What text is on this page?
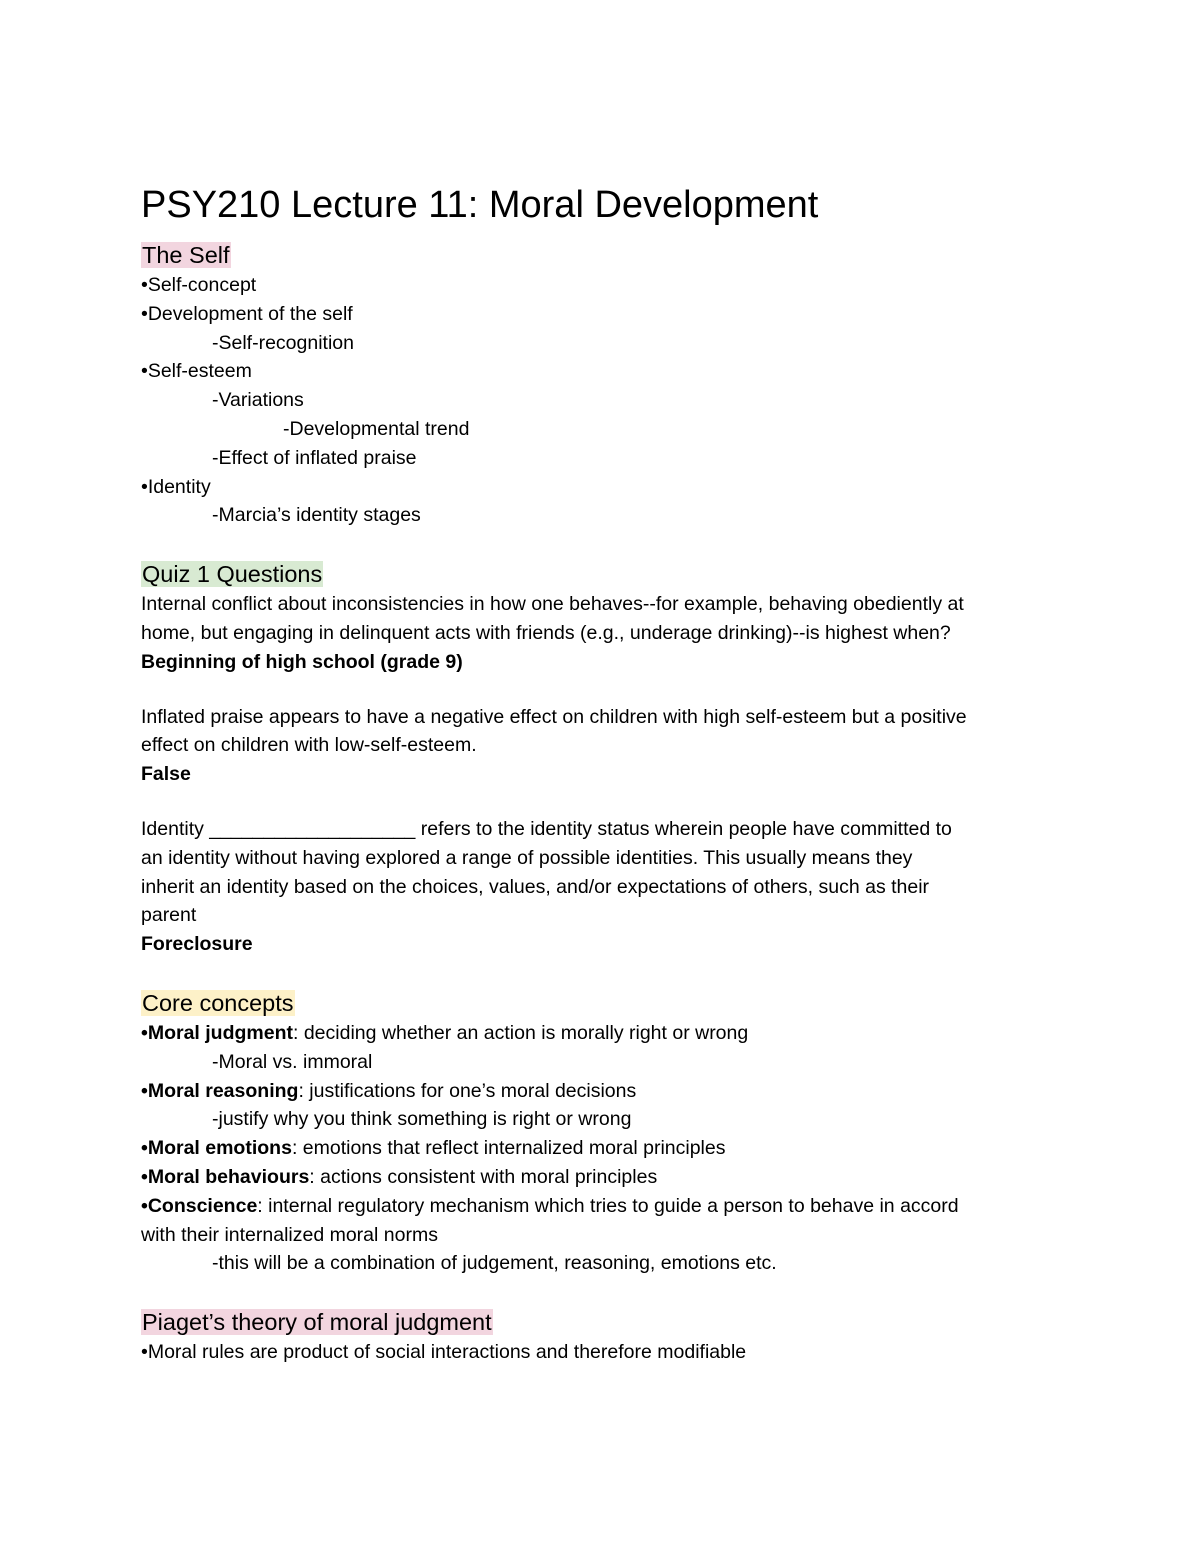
PSY210 Lecture 11: Moral Development

The Self

•Self-concept

•Development of the self

-Self-recognition

•Self-esteem

-Variations

-Developmental trend

-Effect of inflated praise

•Identity

-Marcia’s identity stages

Quiz 1 Questions

Internal conflict about inconsistencies in how one behaves--for example, behaving obediently at

home, but engaging in delinquent acts with friends (e.g., underage drinking)--is highest when?

Beginning of high school (grade 9)

Inflated praise appears to have a negative effect on children with high self-esteem but a positive

effect on children with low-self-esteem.

False

Identity ___________________ refers to the identity status wherein people have committed to

an identity without having explored a range of possible identities. This usually means they

inherit an identity based on the choices, values, and/or expectations of others, such as their

parent

Foreclosure

Core concepts

•Moral judgment: deciding whether an action is morally right or wrong

-Moral vs. immoral

•Moral reasoning: justifications for one’s moral decisions

-justify why you think something is right or wrong

•Moral emotions: emotions that reflect internalized moral principles

•Moral behaviours: actions consistent with moral principles

•Conscience: internal regulatory mechanism which tries to guide a person to behave in accord

with their internalized moral norms

-this will be a combination of judgement, reasoning, emotions etc.

Piaget’s theory of moral judgment

•Moral rules are product of social interactions and therefore modifiable
